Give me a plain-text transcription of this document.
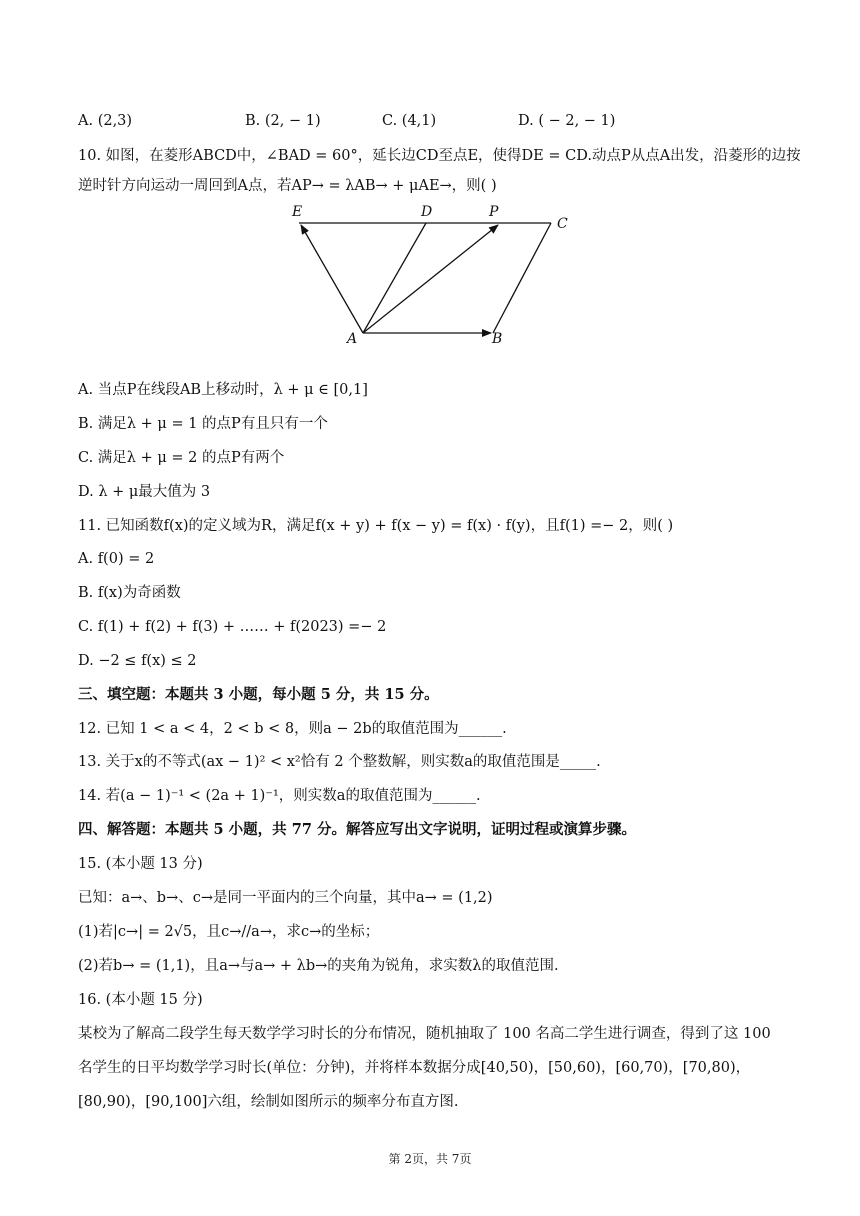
A. (2,3)	B. (2, − 1)	C. (4,1)	D. ( − 2, − 1)
10. 如图，在菱形ABCD中，∠BAD = 60°，延长边CD至点E，使得DE = CD.动点P从点A出发，沿菱形的边按
逆时针方向运动一周回到A点，若AP→ = λAB→ + μAE→，则( )
E	D	P
C
A	B
A. 当点P在线段AB上移动时，λ + μ ∈ [0,1]
B. 满足λ + μ = 1 的点P有且只有一个
C. 满足λ + μ = 2 的点P有两个
D. λ + μ最大值为 3
11. 已知函数f(x)的定义域为R，满足f(x + y) + f(x − y) = f(x) · f(y)，且f(1) =− 2，则( )
A. f(0) = 2
B. f(x)为奇函数
C. f(1) + f(2) + f(3) + …… + f(2023) =− 2
D. −2 ≤ f(x) ≤ 2
三、填空题：本题共 3 小题，每小题 5 分，共 15 分。
12. 已知 1 < a < 4，2 < b < 8，则a − 2b的取值范围为______.
13. 关于x的不等式(ax − 1)² < x²恰有 2 个整数解，则实数a的取值范围是_____.
14. 若(a − 1)⁻¹ < (2a + 1)⁻¹，则实数a的取值范围为______.
四、解答题：本题共 5 小题，共 77 分。解答应写出文字说明，证明过程或演算步骤。
15. (本小题 13 分)
已知：a→、b→、c→是同一平面内的三个向量，其中a→ = (1,2)
(1)若|c→| = 2√5，且c→//a→，求c→的坐标；
(2)若b→ = (1,1)，且a→与a→ + λb→的夹角为锐角，求实数λ的取值范围.
16. (本小题 15 分)
某校为了解高二段学生每天数学学习时长的分布情况，随机抽取了 100 名高二学生进行调查，得到了这 100 名学生的日平均数学学习时长(单位：分钟)，并将样本数据分成[40,50)，[50,60)，[60,70)，[70,80)，[80,90)，[90,100]六组，绘制如图所示的频率分布直方图.
第 2页，共 7页
